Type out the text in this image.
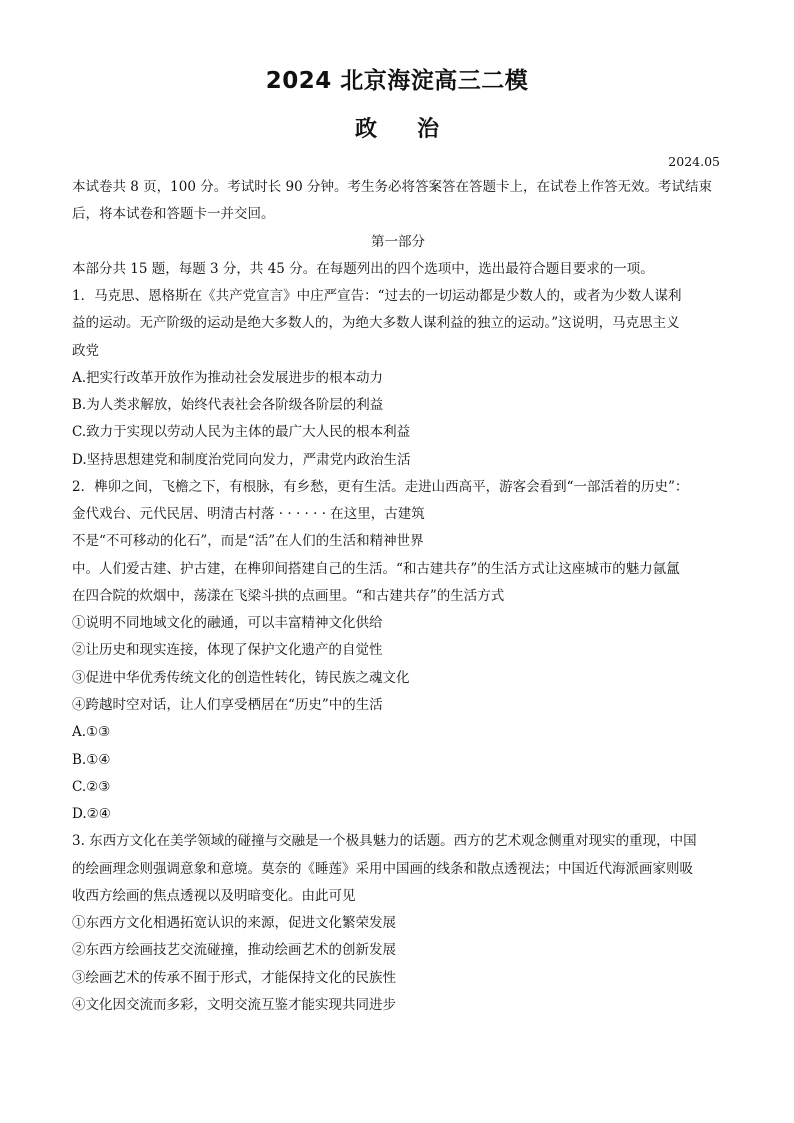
2024 北京海淀高三二模
政 治
2024.05
本试卷共 8 页，100 分。考试时长 90 分钟。考生务必将答案答在答题卡上，在试卷上作答无效。考试结束
后，将本试卷和答题卡一并交回。
第一部分
本部分共 15 题，每题 3 分，共 45 分。在每题列出的四个选项中，选出最符合题目要求的一项。
1．马克思、恩格斯在《共产党宣言》中庄严宣告：“过去的一切运动都是少数人的，或者为少数人谋利
益的运动。无产阶级的运动是绝大多数人的，为绝大多数人谋利益的独立的运动。”这说明，马克思主义
政党
A.把实行改革开放作为推动社会发展进步的根本动力
B.为人类求解放，始终代表社会各阶级各阶层的利益
C.致力于实现以劳动人民为主体的最广大人民的根本利益
D.坚持思想建党和制度治党同向发力，严肃党内政治生活
2．榫卯之间，飞檐之下，有根脉，有乡愁，更有生活。走进山西高平，游客会看到“一部活着的历史”：
金代戏台、元代民居、明清古村落 · · · · · · 在这里，古建筑
不是“不可移动的化石”，而是“活”在人们的生活和精神世界
中。人们爱古建、护古建，在榫卯间搭建自己的生活。“和古建共存”的生活方式让这座城市的魅力氤氲
在四合院的炊烟中，荡漾在飞梁斗拱的点画里。“和古建共存”的生活方式
①说明不同地域文化的融通，可以丰富精神文化供给
②让历史和现实连接，体现了保护文化遗产的自觉性
③促进中华优秀传统文化的创造性转化，铸民族之魂文化
④跨越时空对话，让人们享受栖居在“历史”中的生活
A.①③
B.①④
C.②③
D.②④
3. 东西方文化在美学领域的碰撞与交融是一个极具魅力的话题。西方的艺术观念侧重对现实的重现，中国
的绘画理念则强调意象和意境。莫奈的《睡莲》采用中国画的线条和散点透视法；中国近代海派画家则吸
收西方绘画的焦点透视以及明暗变化。由此可见
①东西方文化相遇拓宽认识的来源，促进文化繁荣发展
②东西方绘画技艺交流碰撞，推动绘画艺术的创新发展
③绘画艺术的传承不囿于形式，才能保持文化的民族性
④文化因交流而多彩，文明交流互鉴才能实现共同进步
